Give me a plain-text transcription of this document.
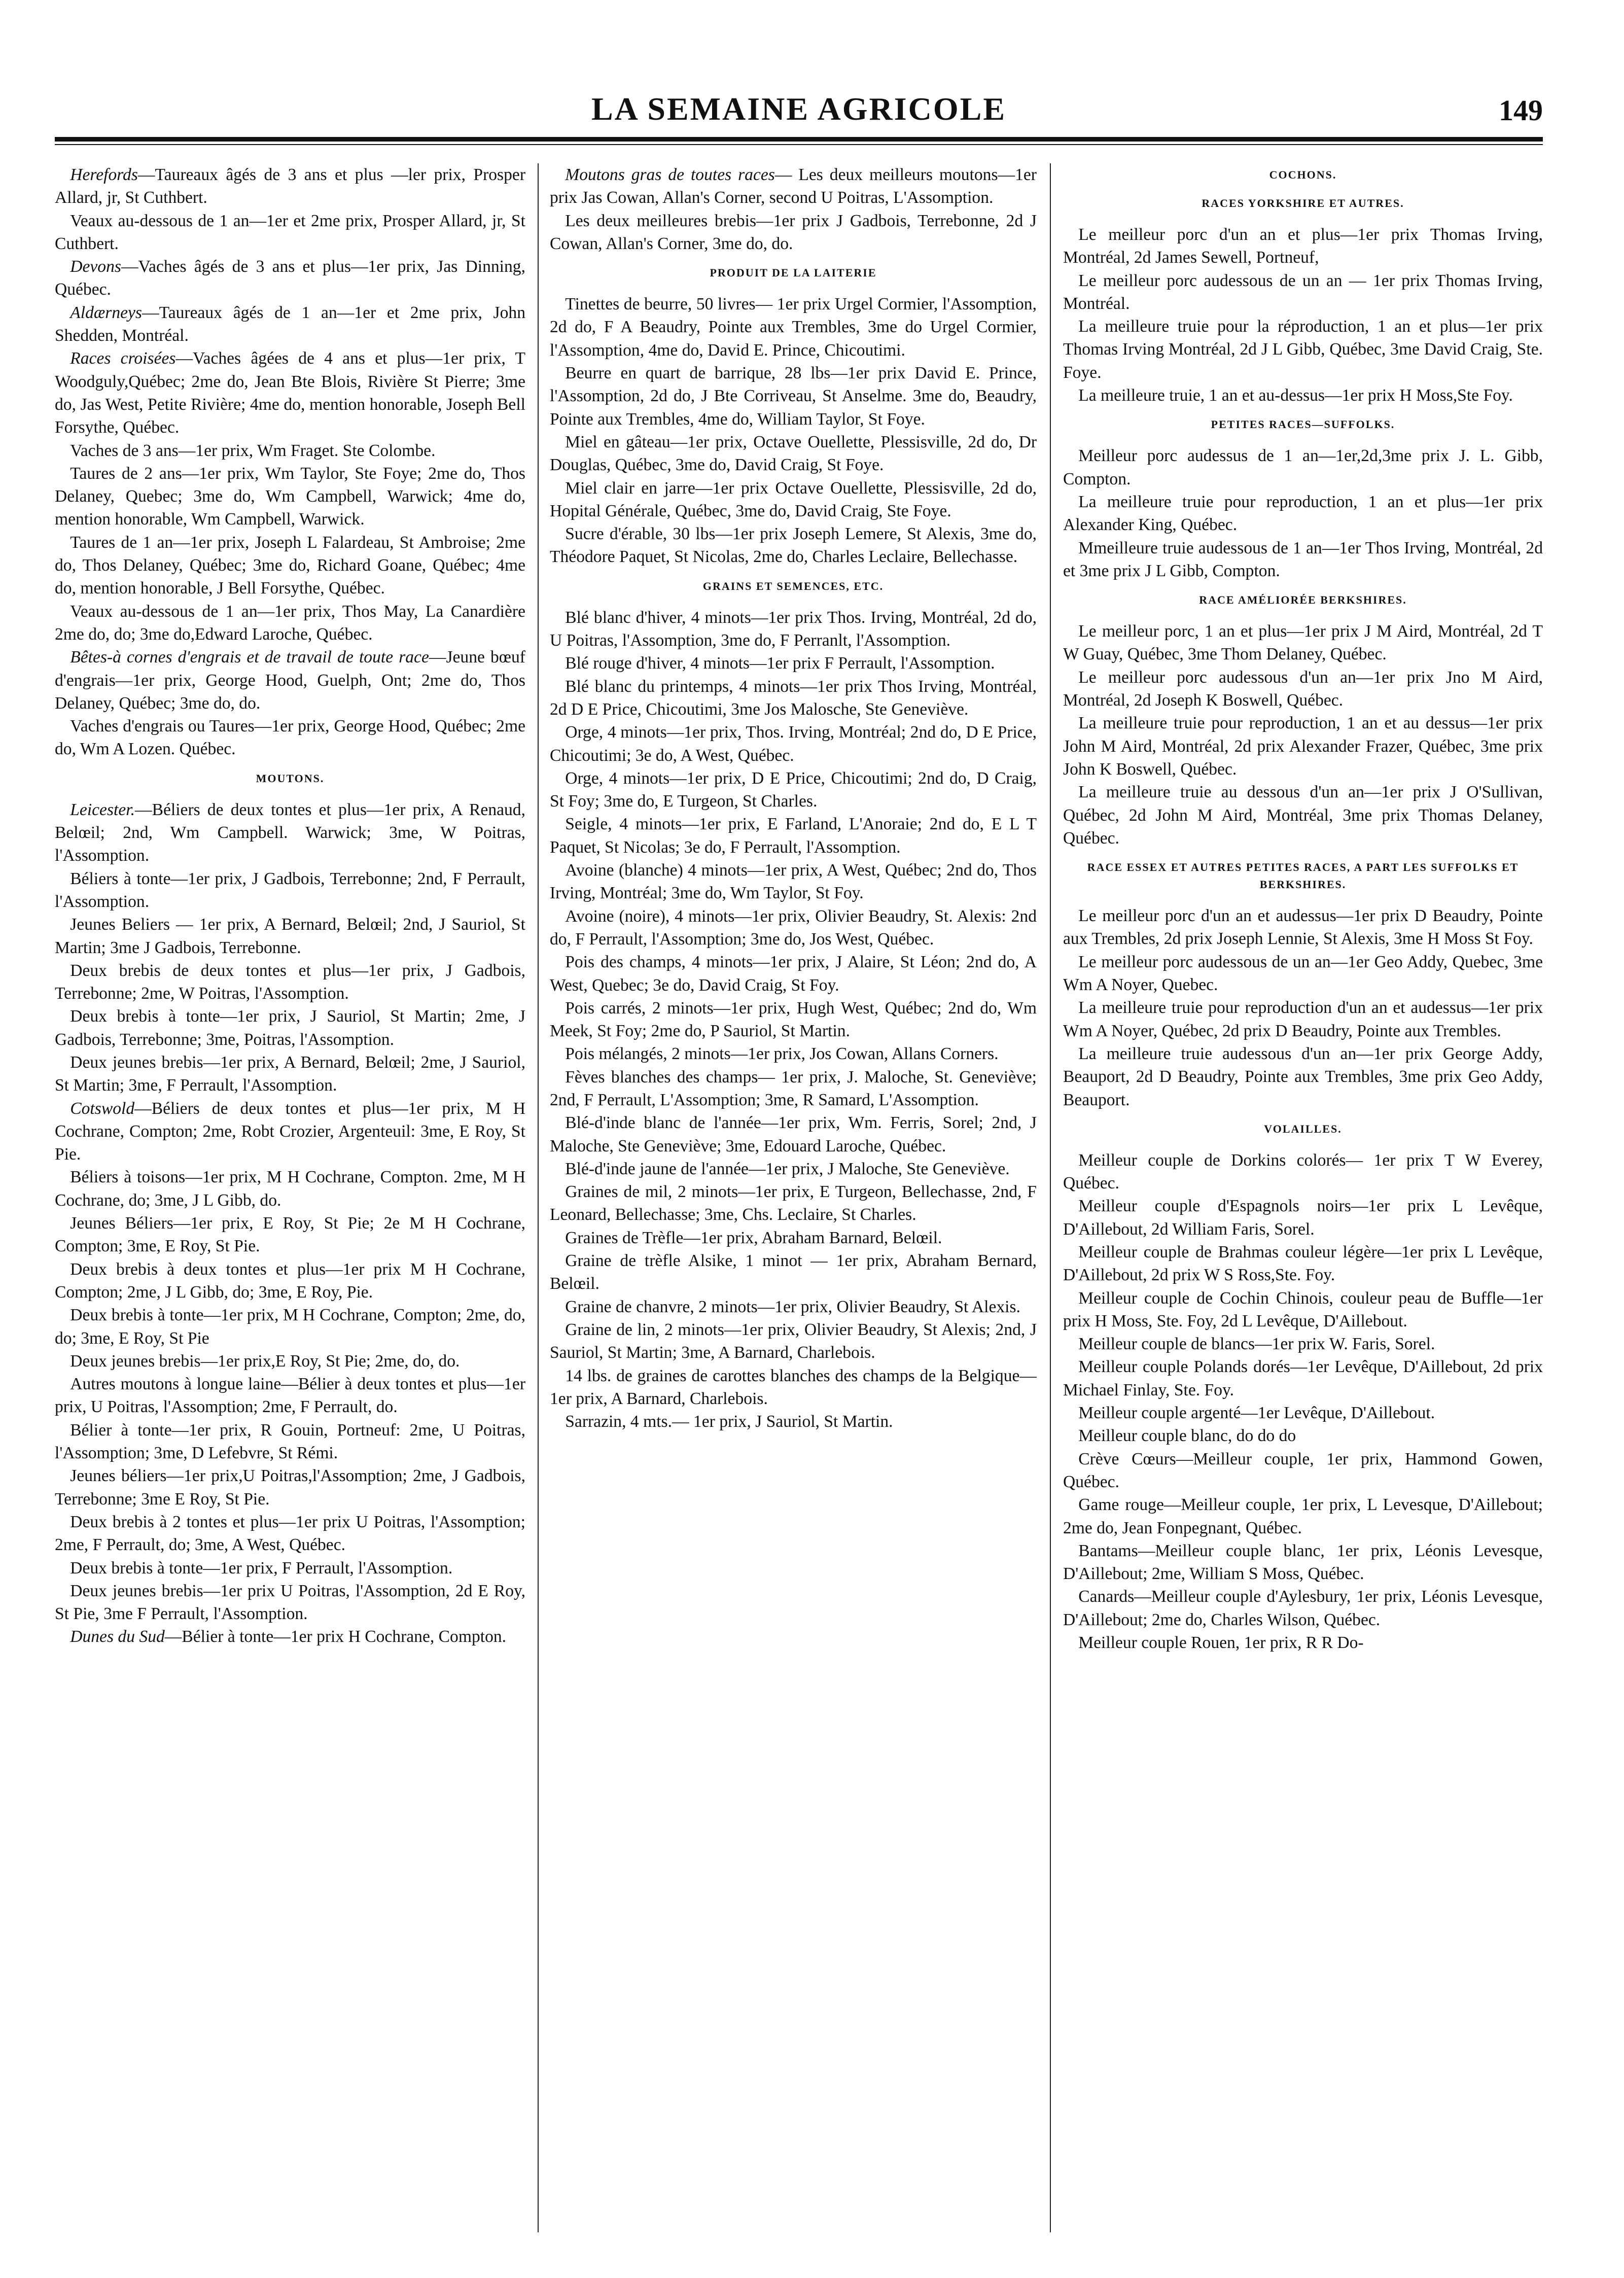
LA SEMAINE AGRICOLE	149

Herefords—Taureaux âgés de 3 ans et plus —ler prix, Prosper Allard, jr, St Cuthbert.

Veaux au-dessous de 1 an—1er et 2me prix, Prosper Allard, jr, St Cuthbert.

Devons—Vaches âgés de 3 ans et plus—1er prix, Jas Dinning, Québec.

Aldærneys—Taureaux âgés de 1 an—1er et 2me prix, John Shedden, Montréal.

Races croisées—Vaches âgées de 4 ans et plus—1er prix, T Woodguly,Québec; 2me do, Jean Bte Blois, Rivière St Pierre; 3me do, Jas West, Petite Rivière; 4me do, mention honorable, Joseph Bell Forsythe, Québec.

Vaches de 3 ans—1er prix, Wm Fraget. Ste Colombe.

Taures de 2 ans—1er prix, Wm Taylor, Ste Foye; 2me do, Thos Delaney, Quebec; 3me do, Wm Campbell, Warwick; 4me do, mention honorable, Wm Campbell, Warwick.

Taures de 1 an—1er prix, Joseph L Falardeau, St Ambroise; 2me do, Thos Delaney, Québec; 3me do, Richard Goane, Québec; 4me do, mention honorable, J Bell Forsythe, Québec.

Veaux au-dessous de 1 an—1er prix, Thos May, La Canardière 2me do, do; 3me do,Edward Laroche, Québec.

Bêtes-à cornes d'engrais et de travail de toute race—Jeune bœuf d'engrais—1er prix, George Hood, Guelph, Ont; 2me do, Thos Delaney, Québec; 3me do, do.

Vaches d'engrais ou Taures—1er prix, George Hood, Québec; 2me do, Wm A Lozen. Québec.

MOUTONS.

Leicester.—Béliers de deux tontes et plus—1er prix, A Renaud, Belœil; 2nd, Wm Campbell. Warwick; 3me, W Poitras, l'Assomption.

Béliers à tonte—1er prix, J Gadbois, Terrebonne; 2nd, F Perrault, l'Assomption.

Jeunes Beliers — 1er prix, A Bernard, Belœil; 2nd, J Sauriol, St Martin; 3me J Gadbois, Terrebonne.

Deux brebis de deux tontes et plus—1er prix, J Gadbois, Terrebonne; 2me, W Poitras, l'Assomption.

Deux brebis à tonte—1er prix, J Sauriol, St Martin; 2me, J Gadbois, Terrebonne; 3me, Poitras, l'Assomption.

Deux jeunes brebis—1er prix, A Bernard, Belœil; 2me, J Sauriol, St Martin; 3me, F Perrault, l'Assomption.

Cotswold—Béliers de deux tontes et plus—1er prix, M H Cochrane, Compton; 2me, Robt Crozier, Argenteuil: 3me, E Roy, St Pie.

Béliers à toisons—1er prix, M H Cochrane, Compton. 2me, M H Cochrane, do; 3me, J L Gibb, do.

Jeunes Béliers—1er prix, E Roy, St Pie; 2e M H Cochrane, Compton; 3me, E Roy, St Pie.

Deux brebis à deux tontes et plus—1er prix M H Cochrane, Compton; 2me, J L Gibb, do; 3me, E Roy, Pie.

Deux brebis à tonte—1er prix, M H Cochrane, Compton; 2me, do, do; 3me, E Roy, St Pie

Deux jeunes brebis—1er prix,E Roy, St Pie; 2me, do, do.

Autres moutons à longue laine—Bélier à deux tontes et plus—1er prix, U Poitras, l'Assomption; 2me, F Perrault, do.

Bélier à tonte—1er prix, R Gouin, Portneuf: 2me, U Poitras, l'Assomption; 3me, D Lefebvre, St Rémi.

Jeunes béliers—1er prix,U Poitras,l'Assomption; 2me, J Gadbois, Terrebonne; 3me E Roy, St Pie.

Deux brebis à 2 tontes et plus—1er prix U Poitras, l'Assomption; 2me, F Perrault, do; 3me, A West, Québec.

Deux brebis à tonte—1er prix, F Perrault, l'Assomption.

Deux jeunes brebis—1er prix U Poitras, l'Assomption, 2d E Roy, St Pie, 3me F Perrault, l'Assomption.

Dunes du Sud—Bélier à tonte—1er prix H Cochrane, Compton.

Moutons gras de toutes races— Les deux meilleurs moutons—1er prix Jas Cowan, Allan's Corner, second U Poitras, L'Assomption.

Les deux meilleures brebis—1er prix J Gadbois, Terrebonne, 2d J Cowan, Allan's Corner, 3me do, do.

PRODUIT DE LA LAITERIE

Tinettes de beurre, 50 livres— 1er prix Urgel Cormier, l'Assomption, 2d do, F A Beaudry, Pointe aux Trembles, 3me do Urgel Cormier, l'Assomption, 4me do, David E. Prince, Chicoutimi.

Beurre en quart de barrique, 28 lbs—1er prix David E. Prince, l'Assomption, 2d do, J Bte Corriveau, St Anselme. 3me do, Beaudry, Pointe aux Trembles, 4me do, William Taylor, St Foye.

Miel en gâteau—1er prix, Octave Ouellette, Plessisville, 2d do, Dr Douglas, Québec, 3me do, David Craig, St Foye.

Miel clair en jarre—1er prix Octave Ouellette, Plessisville, 2d do, Hopital Générale, Québec, 3me do, David Craig, Ste Foye.

Sucre d'érable, 30 lbs—1er prix Joseph Lemere, St Alexis, 3me do, Théodore Paquet, St Nicolas, 2me do, Charles Leclaire, Bellechasse.

GRAINS ET SEMENCES, ETC.

Blé blanc d'hiver, 4 minots—1er prix Thos. Irving, Montréal, 2d do, U Poitras, l'Assomption, 3me do, F Perranlt, l'Assomption.

Blé rouge d'hiver, 4 minots—1er prix F Perrault, l'Assomption.

Blé blanc du printemps, 4 minots—1er prix Thos Irving, Montréal, 2d D E Price, Chicoutimi, 3me Jos Malosche, Ste Geneviève.

Orge, 4 minots—1er prix, Thos. Irving, Montréal; 2nd do, D E Price, Chicoutimi; 3e do, A West, Québec.

Orge, 4 minots—1er prix, D E Price, Chicoutimi; 2nd do, D Craig, St Foy; 3me do, E Turgeon, St Charles.

Seigle, 4 minots—1er prix, E Farland, L'Anoraie; 2nd do, E L T Paquet, St Nicolas; 3e do, F Perrault, l'Assomption.

Avoine (blanche) 4 minots—1er prix, A West, Québec; 2nd do, Thos Irving, Montréal; 3me do, Wm Taylor, St Foy.

Avoine (noire), 4 minots—1er prix, Olivier Beaudry, St. Alexis: 2nd do, F Perrault, l'Assomption; 3me do, Jos West, Québec.

Pois des champs, 4 minots—1er prix, J Alaire, St Léon; 2nd do, A West, Quebec; 3e do, David Craig, St Foy.

Pois carrés, 2 minots—1er prix, Hugh West, Québec; 2nd do, Wm Meek, St Foy; 2me do, P Sauriol, St Martin.

Pois mélangés, 2 minots—1er prix, Jos Cowan, Allans Corners.

Fèves blanches des champs— 1er prix, J. Maloche, St. Geneviève; 2nd, F Perrault, L'Assomption; 3me, R Samard, L'Assomption.

Blé-d'inde blanc de l'année—1er prix, Wm. Ferris, Sorel; 2nd, J Maloche, Ste Geneviève; 3me, Edouard Laroche, Québec.

Blé-d'inde jaune de l'année—1er prix, J Maloche, Ste Geneviève.

Graines de mil, 2 minots—1er prix, E Turgeon, Bellechasse, 2nd, F Leonard, Bellechasse; 3me, Chs. Leclaire, St Charles.

Graines de Trèfle—1er prix, Abraham Barnard, Belœil.

Graine de trèfle Alsike, 1 minot — 1er prix, Abraham Bernard, Belœil.

Graine de chanvre, 2 minots—1er prix, Olivier Beaudry, St Alexis.

Graine de lin, 2 minots—1er prix, Olivier Beaudry, St Alexis; 2nd, J Sauriol, St Martin; 3me, A Barnard, Charlebois.

14 lbs. de graines de carottes blanches des champs de la Belgique—1er prix, A Barnard, Charlebois.

Sarrazin, 4 mts.— 1er prix, J Sauriol, St Martin.

COCHONS.
RACES YORKSHIRE ET AUTRES.

Le meilleur porc d'un an et plus—1er prix Thomas Irving, Montréal, 2d James Sewell, Portneuf,

Le meilleur porc audessous de un an — 1er prix Thomas Irving, Montréal.

La meilleure truie pour la réproduction, 1 an et plus—1er prix Thomas Irving Montréal, 2d J L Gibb, Québec, 3me David Craig, Ste. Foye.

La meilleure truie, 1 an et au-dessus—1er prix H Moss,Ste Foy.

PETITES RACES—SUFFOLKS.

Meilleur porc audessus de 1 an—1er,2d,3me prix J. L. Gibb, Compton.

La meilleure truie pour reproduction, 1 an et plus—1er prix Alexander King, Québec.

Mmeilleure truie audessous de 1 an—1er Thos Irving, Montréal, 2d et 3me prix J L Gibb, Compton.

RACE AMÉLIORÉE BERKSHIRES.

Le meilleur porc, 1 an et plus—1er prix J M Aird, Montréal, 2d T W Guay, Québec, 3me Thom Delaney, Québec.

Le meilleur porc audessous d'un an—1er prix Jno M Aird, Montréal, 2d Joseph K Boswell, Québec.

La meilleure truie pour reproduction, 1 an et au dessus—1er prix John M Aird, Montréal, 2d prix Alexander Frazer, Québec, 3me prix John K Boswell, Québec.

La meilleure truie au dessous d'un an—1er prix J O'Sullivan, Québec, 2d John M Aird, Montréal, 3me prix Thomas Delaney, Québec.

RACE ESSEX ET AUTRES PETITES RACES, A PART LES SUFFOLKS ET BERKSHIRES.

Le meilleur porc d'un an et audessus—1er prix D Beaudry, Pointe aux Trembles, 2d prix Joseph Lennie, St Alexis, 3me H Moss St Foy.

Le meilleur porc audessous de un an—1er Geo Addy, Quebec, 3me Wm A Noyer, Quebec.

La meilleure truie pour reproduction d'un an et audessus—1er prix Wm A Noyer, Québec, 2d prix D Beaudry, Pointe aux Trembles.

La meilleure truie audessous d'un an—1er prix George Addy, Beauport, 2d D Beaudry, Pointe aux Trembles, 3me prix Geo Addy, Beauport.

VOLAILLES.

Meilleur couple de Dorkins colorés— 1er prix T W Everey, Québec.

Meilleur couple d'Espagnols noirs—1er prix L Levêque, D'Aillebout, 2d William Faris, Sorel.

Meilleur couple de Brahmas couleur légère—1er prix L Levêque, D'Aillebout, 2d prix W S Ross,Ste. Foy.

Meilleur couple de Cochin Chinois, couleur peau de Buffle—1er prix H Moss, Ste. Foy, 2d L Levêque, D'Aillebout.

Meilleur couple de blancs—1er prix W. Faris, Sorel.

Meilleur couple Polands dorés—1er Levêque, D'Aillebout, 2d prix Michael Finlay, Ste. Foy.

Meilleur couple argenté—1er Levêque, D'Aillebout.

Meilleur couple blanc, do do do

Crève Cœurs—Meilleur couple, 1er prix, Hammond Gowen, Québec.

Game rouge—Meilleur couple, 1er prix, L Levesque, D'Aillebout; 2me do, Jean Fonpegnant, Québec.

Bantams—Meilleur couple blanc, 1er prix, Léonis Levesque, D'Aillebout; 2me, William S Moss, Québec.

Canards—Meilleur couple d'Aylesbury, 1er prix, Léonis Levesque, D'Aillebout; 2me do, Charles Wilson, Québec.

Meilleur couple Rouen, 1er prix, R R Do-
